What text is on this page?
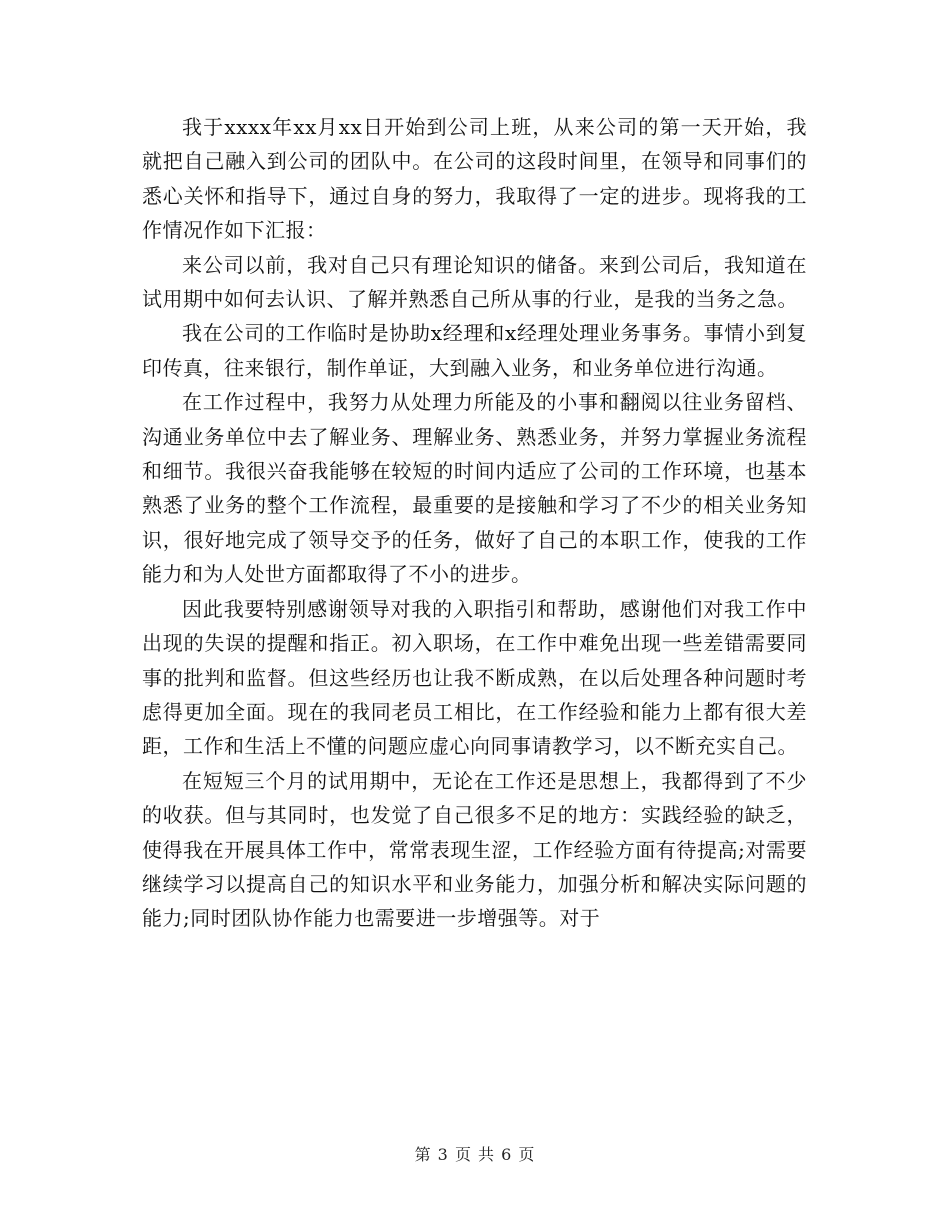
我于xxxx年xx月xx日开始到公司上班，从来公司的第一天开始，我就把自己融入到公司的团队中。在公司的这段时间里，在领导和同事们的悉心关怀和指导下，通过自身的努力，我取得了一定的进步。现将我的工作情况作如下汇报：

来公司以前，我对自己只有理论知识的储备。来到公司后，我知道在试用期中如何去认识、了解并熟悉自己所从事的行业，是我的当务之急。

我在公司的工作临时是协助x经理和x经理处理业务事务。事情小到复印传真，往来银行，制作单证，大到融入业务，和业务单位进行沟通。

在工作过程中，我努力从处理力所能及的小事和翻阅以往业务留档、沟通业务单位中去了解业务、理解业务、熟悉业务，并努力掌握业务流程和细节。我很兴奋我能够在较短的时间内适应了公司的工作环境，也基本熟悉了业务的整个工作流程，最重要的是接触和学习了不少的相关业务知识，很好地完成了领导交予的任务，做好了自己的本职工作，使我的工作能力和为人处世方面都取得了不小的进步。

因此我要特别感谢领导对我的入职指引和帮助，感谢他们对我工作中出现的失误的提醒和指正。初入职场，在工作中难免出现一些差错需要同事的批判和监督。但这些经历也让我不断成熟，在以后处理各种问题时考虑得更加全面。现在的我同老员工相比，在工作经验和能力上都有很大差距，工作和生活上不懂的问题应虚心向同事请教学习，以不断充实自己。

在短短三个月的试用期中，无论在工作还是思想上，我都得到了不少的收获。但与其同时，也发觉了自己很多不足的地方：实践经验的缺乏，使得我在开展具体工作中，常常表现生涩，工作经验方面有待提高;对需要继续学习以提高自己的知识水平和业务能力，加强分析和解决实际问题的能力;同时团队协作能力也需要进一步增强等。对于

第 3 页 共 6 页
